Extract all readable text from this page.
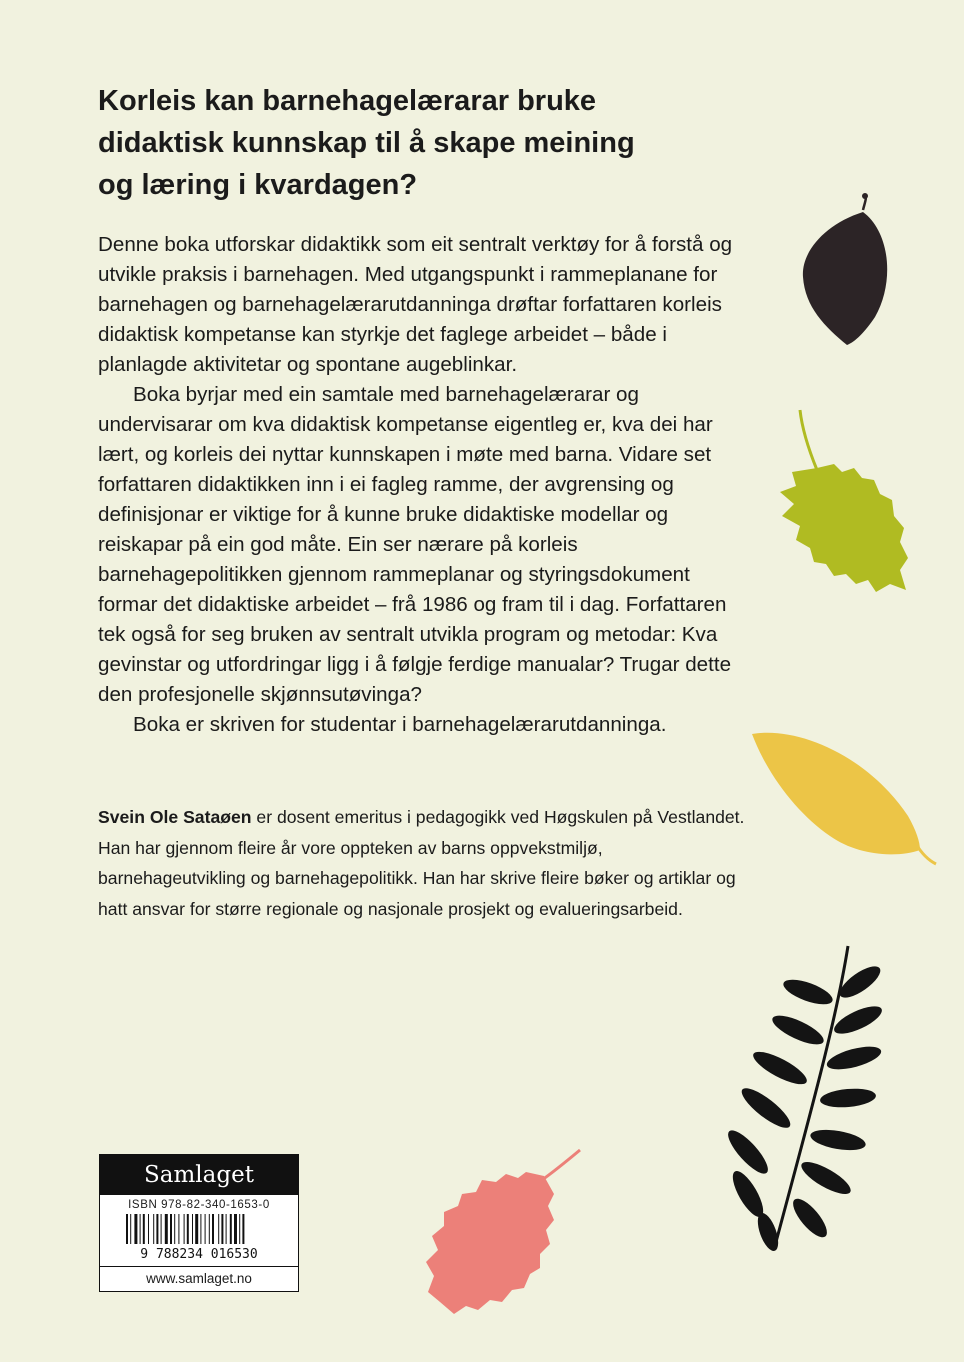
Korleis kan barnehagelærarar bruke
didaktisk kunnskap til å skape meining
og læring i kvardagen?

Denne boka utforskar didaktikk som eit sentralt verktøy for å forstå og utvikle praksis i barnehagen. Med utgangspunkt i rammeplanane for barnehagen og barnehagelærarutdanninga drøftar forfattaren korleis didaktisk kompetanse kan styrkje det faglege arbeidet – både i planlagde aktivitetar og spontane augeblinkar.

Boka byrjar med ein samtale med barnehagelærarar og undervisarar om kva didaktisk kompetanse eigentleg er, kva dei har lært, og korleis dei nyttar kunnskapen i møte med barna. Vidare set forfattaren didaktikken inn i ei fagleg ramme, der avgrensing og definisjonar er viktige for å kunne bruke didaktiske modellar og reiskapar på ein god måte. Ein ser nærare på korleis barnehagepolitikken gjennom rammeplanar og styringsdokument formar det didaktiske arbeidet – frå 1986 og fram til i dag. Forfattaren tek også for seg bruken av sentralt utvikla program og metodar: Kva gevinstar og utfordringar ligg i å følgje ferdige manualar? Trugar dette den profesjonelle skjønnsutøvinga?

Boka er skriven for studentar i barnehagelærarutdanninga.

Svein Ole Sataøen er dosent emeritus i pedagogikk ved Høgskulen på Vestlandet. Han har gjennom fleire år vore oppteken av barns oppvekstmiljø, barnehageutvikling og barnehagepolitikk. Han har skrive fleire bøker og artiklar og hatt ansvar for større regionale og nasjonale prosjekt og evalueringsarbeid.
Samlaget
ISBN 978-82-340-1653-0
9 788234 016530
www.samlaget.no
